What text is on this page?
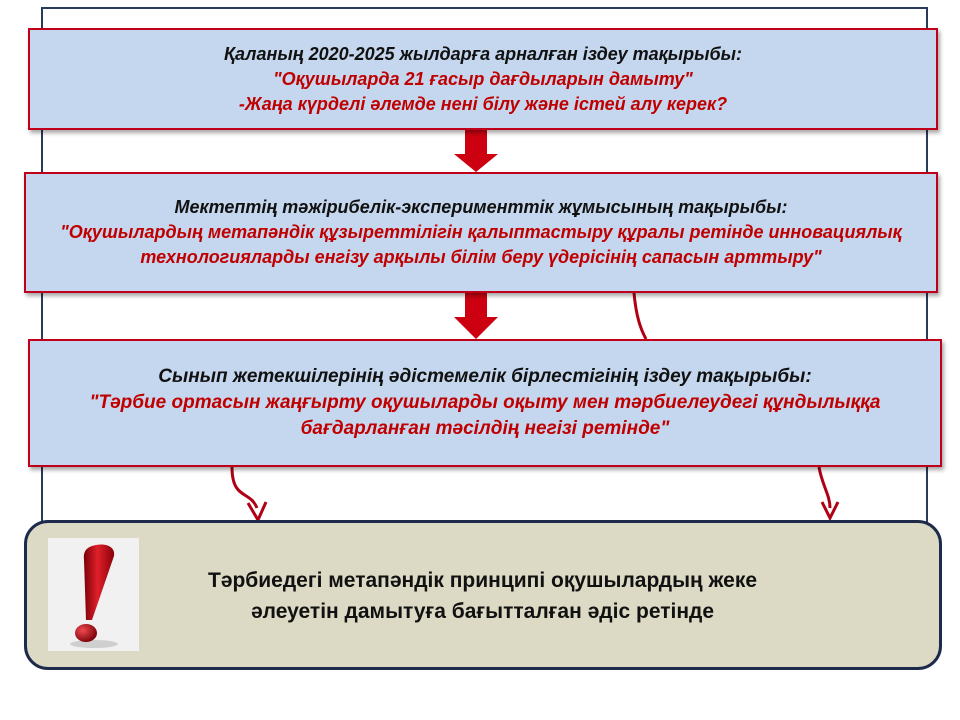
Қаланың 2020-2025 жылдарға арналған іздеу тақырыбы:
"Оқушыларда 21 ғасыр дағдыларын дамыту"
-Жаңа күрделі әлемде нені білу және істей алу керек?
Мектептің тәжірибелік-эксперименттік жұмысының тақырыбы:
"Оқушылардың метапәндік құзыреттілігін қалыптастыру құралы ретінде инновациялық технологияларды енгізу арқылы білім беру үдерісінің сапасын арттыру"
Сынып жетекшілерінің әдістемелік бірлестігінің іздеу тақырыбы:
"Тәрбие ортасын жаңғырту оқушыларды оқыту мен тәрбиелеудегі құндылыққа бағдарланған тәсілдің негізі ретінде"
Тәрбиедегі метапәндік принципі оқушылардың жеке
әлеуетін дамытуға бағытталған әдіс ретінде
